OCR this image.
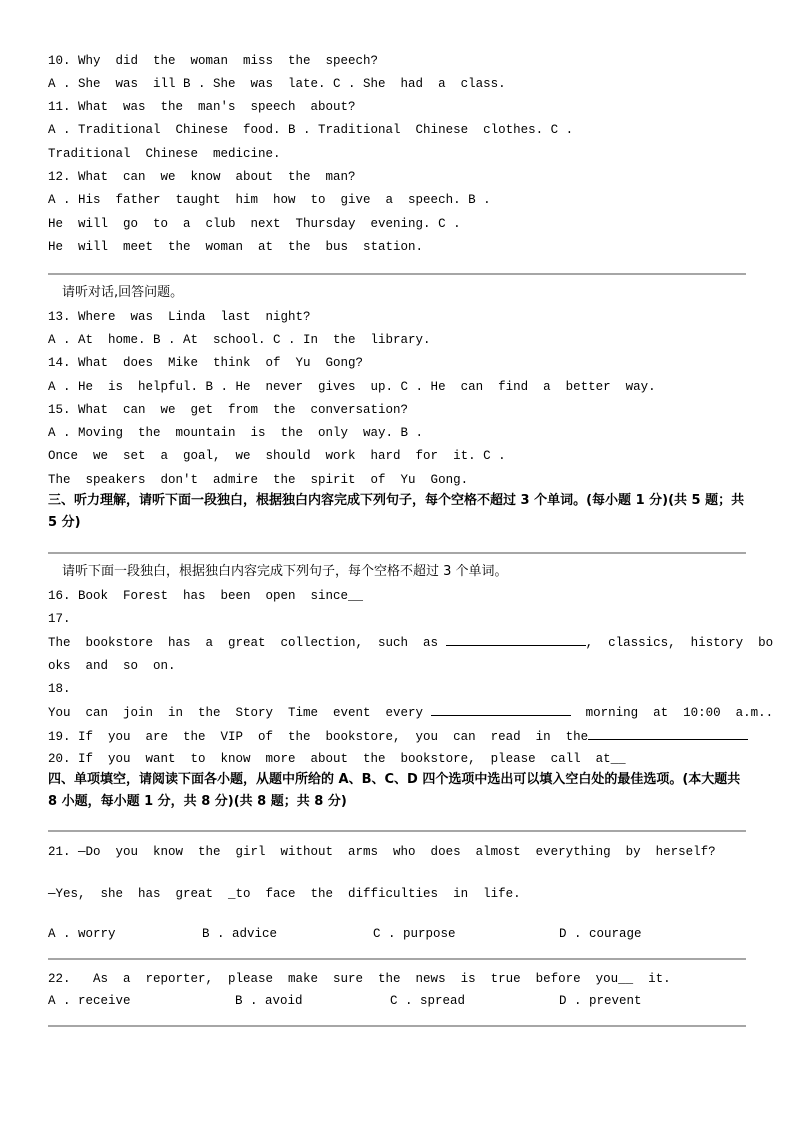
10. Why  did  the  woman  miss  the  speech?
A . She  was  ill B . She  was  late. C . She  had  a  class.
11. What  was  the  man's  speech  about?
A . Traditional  Chinese  food. B . Traditional  Chinese  clothes. C .
Traditional  Chinese  medicine.
12. What  can  we  know  about  the  man?
A . His  father  taught  him  how  to  give  a  speech. B .
He  will  go  to  a  club  next  Thursday  evening. C .
He  will  meet  the  woman  at  the  bus  station.
请听对话,回答问题。
13. Where  was  Linda  last  night?
A . At  home. B . At  school. C . In  the  library.
14. What  does  Mike  think  of  Yu  Gong?
A . He  is  helpful. B . He  never  gives  up. C . He  can  find  a  better  way.
15. What  can  we  get  from  the  conversation?
A . Moving  the  mountain  is  the  only  way. B .
Once  we  set  a  goal,  we  should  work  hard  for  it. C .
The  speakers  don't  admire  the  spirit  of  Yu  Gong.
三、听力理解，请听下面一段独白，根据独白内容完成下列句子，每个空格不超过 3 个单词。(每小题 1 分)(共 5 题；共 5 分)
请听下面一段独白，根据独白内容完成下列句子，每个空格不超过 3 个单词。
16. Book  Forest  has  been  open  since__
17.
The  bookstore  has  a  great  collection,  such  as	,  classics,  history  bo
oks  and  so  on.
18.
You  can  join  in  the  Story  Time  event  every	morning  at  10:00  a.m..
19. If  you  are  the  VIP  of  the  bookstore,  you  can  read  in  the
20. If  you  want  to  know  more  about  the  bookstore,  please  call  at__
四、单项填空，请阅读下面各小题，从题中所给的 A、B、C、D 四个选项中选出可以填入空白处的最佳选项。(本大题共 8 小题，每小题 1 分，共 8 分)(共 8 题；共 8 分)
21. —Do  you  know  the  girl  without  arms  who  does  almost  everything  by  herself?
—Yes,  she  has  great  _to  face  the  difficulties  in  life.
A . worry	B . advice	C . purpose	D . courage
22.   As  a  reporter,  please  make  sure  the  news  is  true  before  you__  it.
A . receive	B . avoid	C . spread	D . prevent
